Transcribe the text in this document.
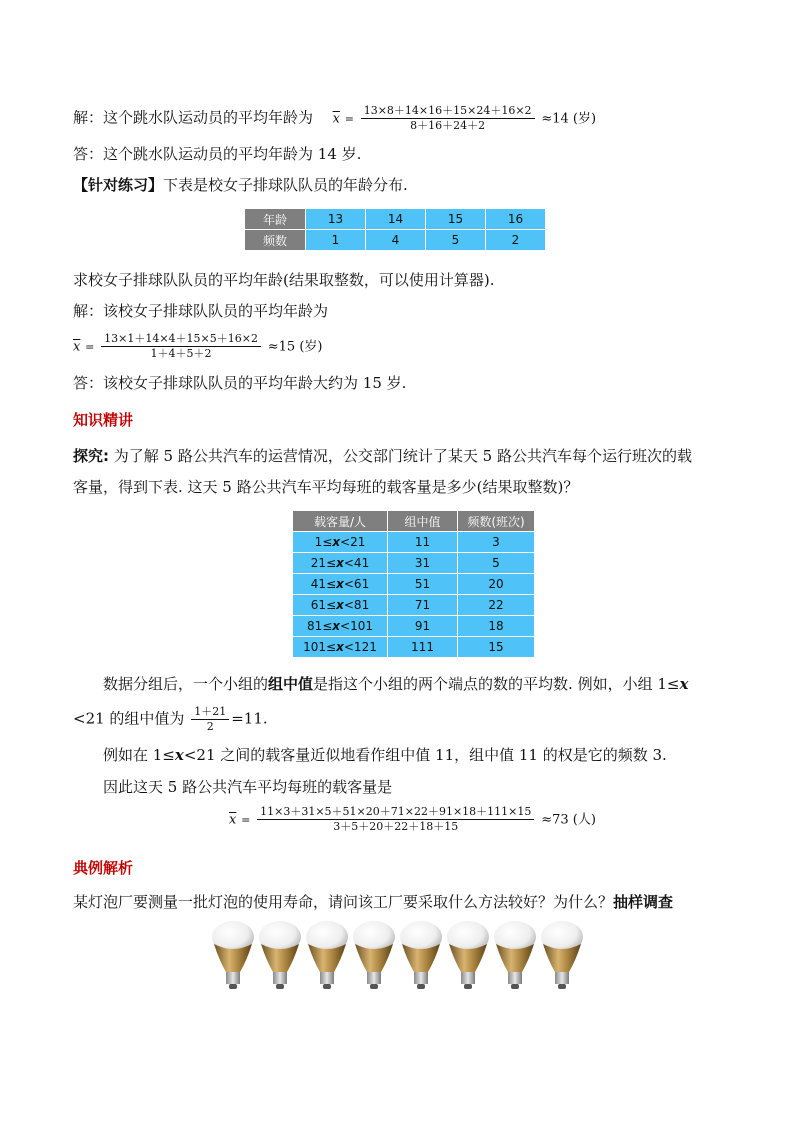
解：这个跳水队运动员的平均年龄为 $\overline{x} = \frac{13\times 8+14\times 16+15\times 24+16\times 2}{8+16+24+2} \approx 14$ (岁)
答：这个跳水队运动员的平均年龄为 14 岁.
【针对练习】下表是校女子排球队队员的年龄分布.
年龄	13	14	15	16
频数	1	4	5	2
求校女子排球队队员的平均年龄(结果取整数，可以使用计算器).
解：该校女子排球队队员的平均年龄为
$\overline{x} = \frac{13\times 1+14\times 4+15\times 5+16\times 2}{1+4+5+2} \approx 15$ (岁)
答：该校女子排球队队员的平均年龄大约为 15 岁.
知识精讲
探究: 为了解 5 路公共汽车的运营情况，公交部门统计了某天 5 路公共汽车每个运行班次的载
客量，得到下表. 这天 5 路公共汽车平均每班的载客量是多少(结果取整数)？
载客量/人	组中值	频数(班次)
1≤x<21	11	3
21≤x<41	31	5
41≤x<61	51	20
61≤x<81	71	22
81≤x<101	91	18
101≤x<121	111	15
数据分组后，一个小组的组中值是指这个小组的两个端点的数的平均数. 例如，小组 1≤x
<21 的组中值为 $\frac{1+21}{2} =11$.
例如在 1≤x<21 之间的载客量近似地看作组中值 11，组中值 11 的权是它的频数 3.
因此这天 5 路公共汽车平均每班的载客量是
$\overline{x} = \frac{11\times 3+31\times 5+51\times 20+71\times 22+91\times 18+111\times 15}{3+5+20+22+18+15} \approx 73$ (人)
典例解析
某灯泡厂要测量一批灯泡的使用寿命，请问该工厂要采取什么方法较好？为什么？抽样调查
